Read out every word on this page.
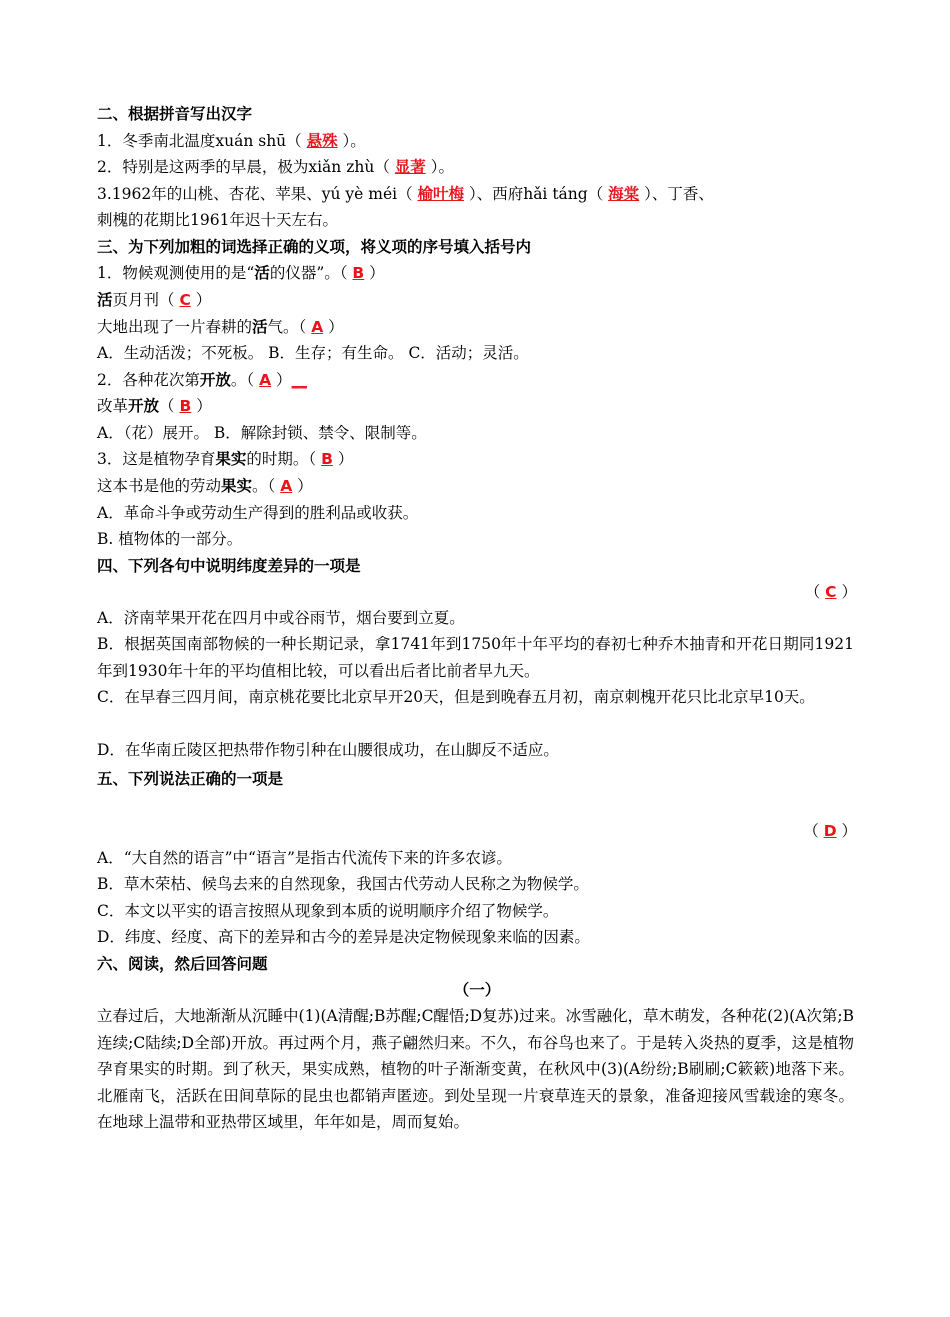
二、根据拼音写出汉字
1．冬季南北温度xuán shū（ 悬殊 ）。
2．特别是这两季的早晨，极为xiǎn zhù（ 显著 ）。
3.1962年的山桃、杏花、苹果、yú yè méi（ 榆叶梅 ）、西府hǎi táng（ 海棠 ）、丁香、
刺槐的花期比1961年迟十天左右。
三、为下列加粗的词选择正确的义项，将义项的序号填入括号内
1．物候观测使用的是“活的仪器”。（ B ）
活页月刊（ C ）
大地出现了一片春耕的活气。（ A ）
A．生动活泼；不死板。 B．生存；有生命。 C．活动；灵活。
2．各种花次第开放。（ A ）__
改革开放（ B ）
A．（花）展开。 B．解除封锁、禁令、限制等。
3．这是植物孕育果实的时期。（ B ）
这本书是他的劳动果实。（ A ）
A．革命斗争或劳动生产得到的胜利品或收获。
B. 植物体的一部分。
四、下列各句中说明纬度差异的一项是
（ C ）
A．济南苹果开花在四月中或谷雨节，烟台要到立夏。
B．根据英国南部物候的一种长期记录，拿1741年到1750年十年平均的春初七种乔木抽青和开花日期同1921年到1930年十年的平均值相比较，可以看出后者比前者早九天。
C．在早春三四月间，南京桃花要比北京早开20天，但是到晚春五月初，南京刺槐开花只比北京早10天。
D．在华南丘陵区把热带作物引种在山腰很成功，在山脚反不适应。
五、下列说法正确的一项是
（ D ）
A．“大自然的语言”中“语言”是指古代流传下来的许多农谚。
B．草木荣枯、候鸟去来的自然现象，我国古代劳动人民称之为物候学。
C．本文以平实的语言按照从现象到本质的说明顺序介绍了物候学。
D．纬度、经度、高下的差异和古今的差异是决定物候现象来临的因素。
六、阅读，然后回答问题
（一）
立春过后，大地渐渐从沉睡中(1)(A清醒;B苏醒;C醒悟;D复苏)过来。冰雪融化，草木萌发，各种花(2)(A次第;B连续;C陆续;D全部)开放。再过两个月，燕子翩然归来。不久，布谷鸟也来了。于是转入炎热的夏季，这是植物孕育果实的时期。到了秋天，果实成熟，植物的叶子渐渐变黄，在秋风中(3)(A纷纷;B刷刷;C簌簌)地落下来。北雁南飞，活跃在田间草际的昆虫也都销声匿迹。到处呈现一片衰草连天的景象，准备迎接风雪载途的寒冬。在地球上温带和亚热带区域里，年年如是，周而复始。
